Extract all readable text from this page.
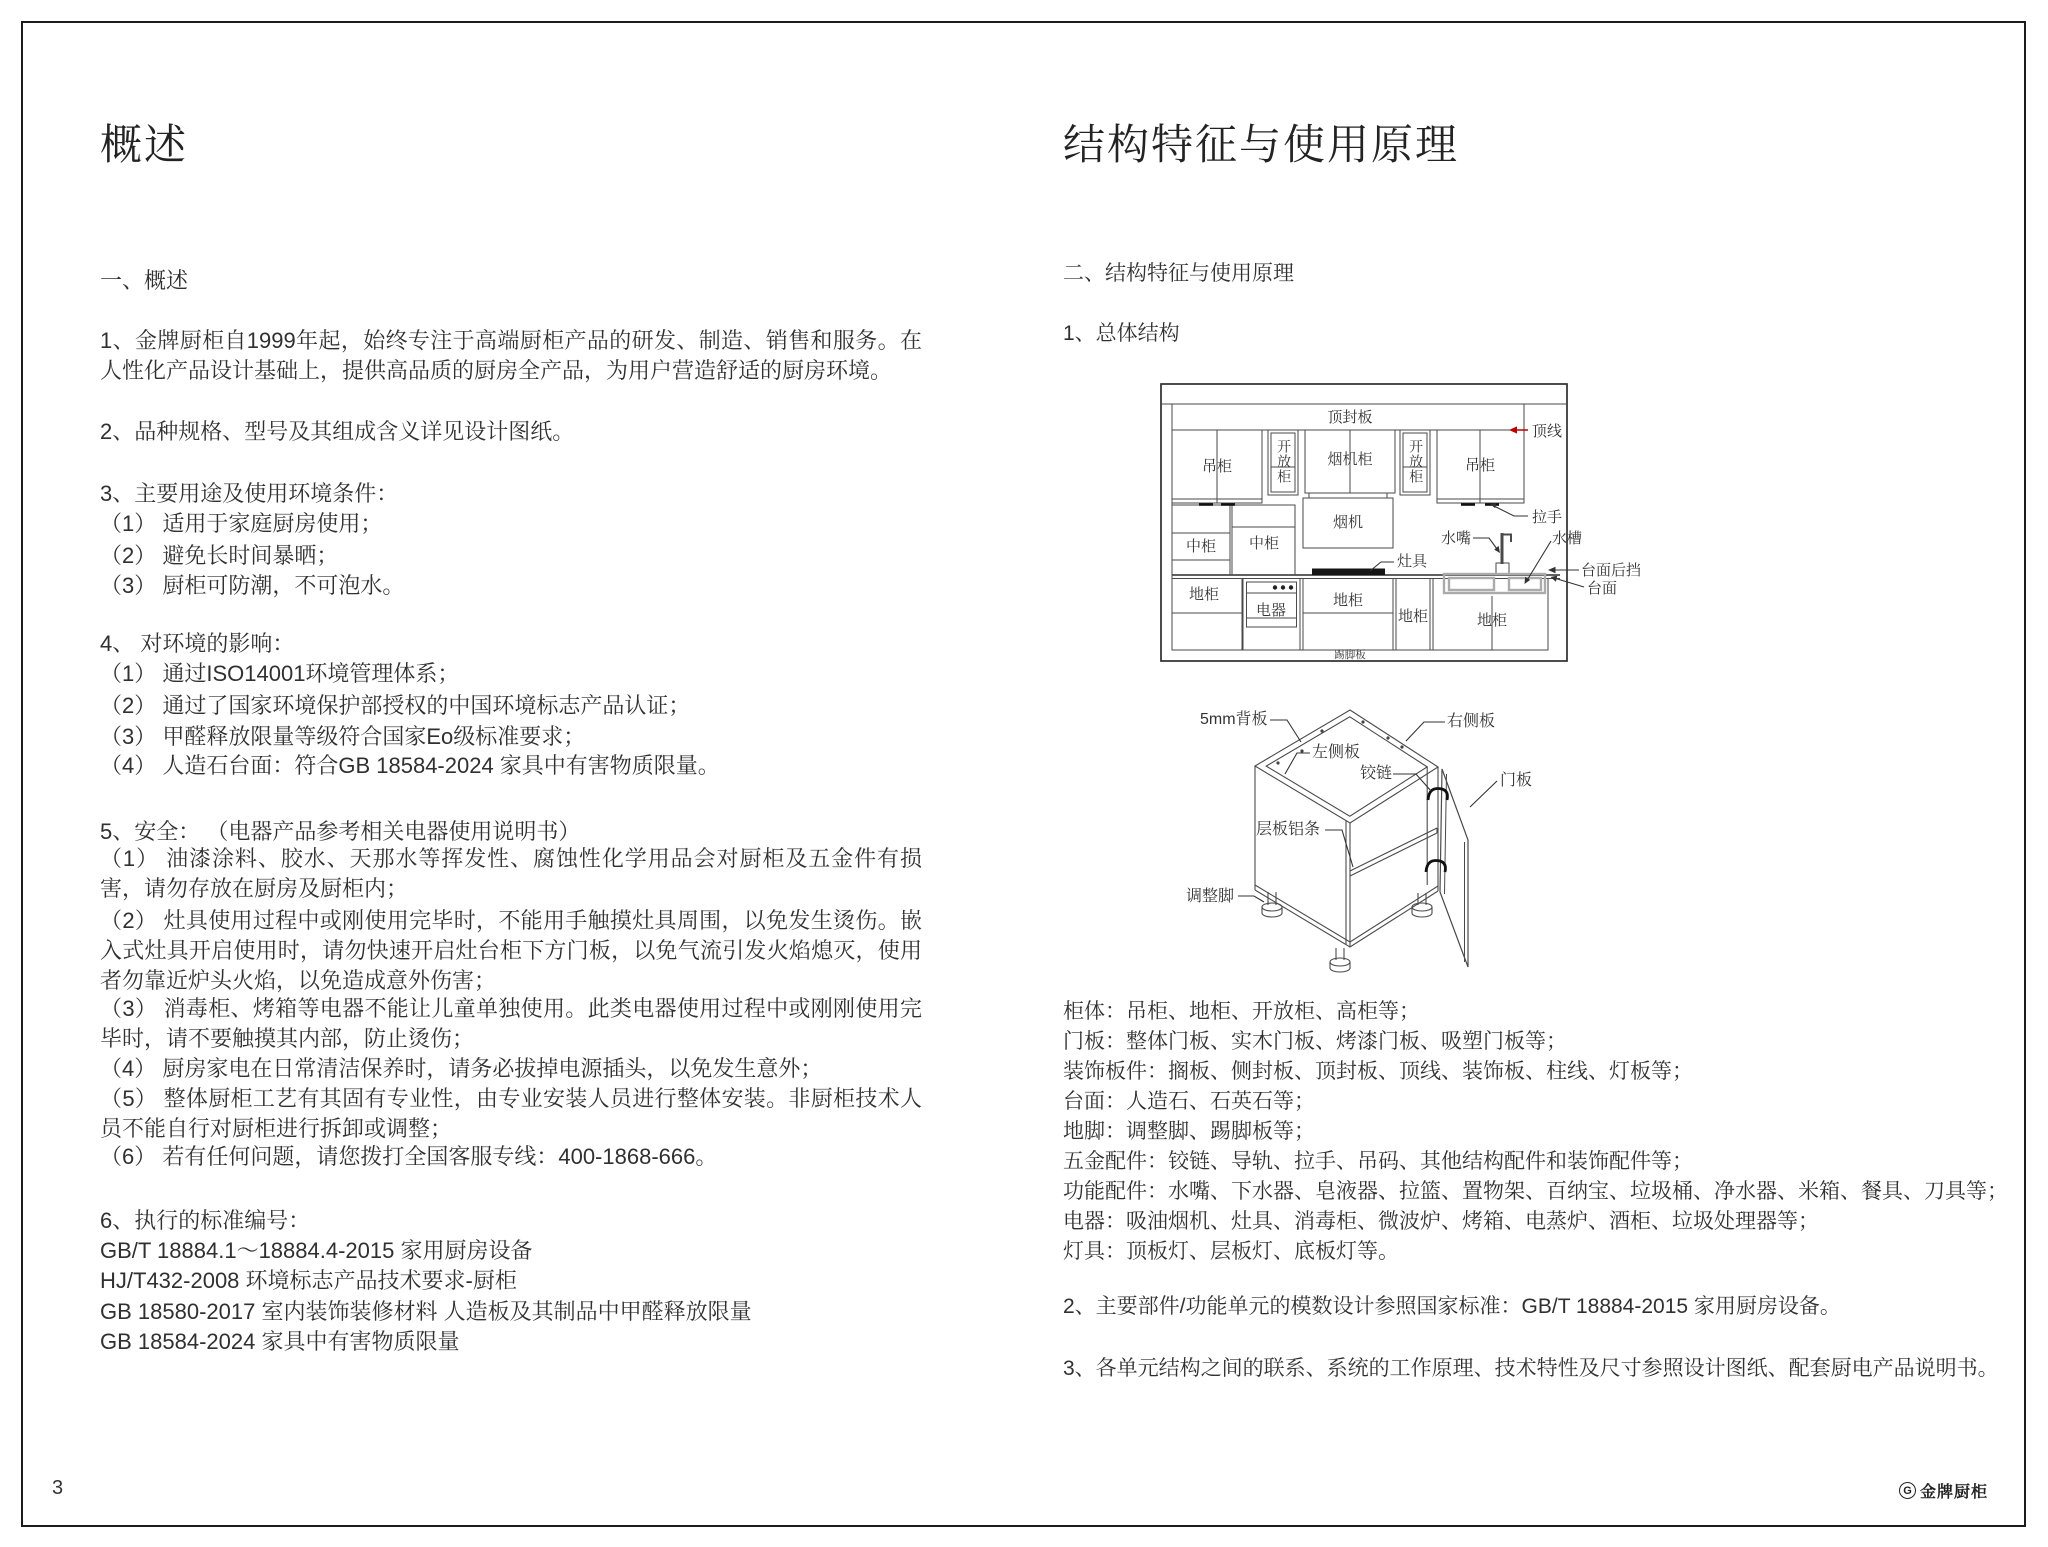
概述
一、概述
1、金牌厨柜自1999年起，始终专注于高端厨柜产品的研发、制造、销售和服务。在人性化产品设计基础上，提供高品质的厨房全产品，为用户营造舒适的厨房环境。
2、品种规格、型号及其组成含义详见设计图纸。
3、主要用途及使用环境条件：
（1） 适用于家庭厨房使用；
（2） 避免长时间暴晒；
（3） 厨柜可防潮，不可泡水。
4、 对环境的影响：
（1） 通过ISO14001环境管理体系；
（2） 通过了国家环境保护部授权的中国环境标志产品认证；
（3） 甲醛释放限量等级符合国家Eo级标准要求；
（4） 人造石台面：符合GB 18584-2024 家具中有害物质限量。
5、安全： （电器产品参考相关电器使用说明书）
（1） 油漆涂料、胶水、天那水等挥发性、腐蚀性化学用品会对厨柜及五金件有损害，请勿存放在厨房及厨柜内；
（2） 灶具使用过程中或刚使用完毕时，不能用手触摸灶具周围，以免发生烫伤。嵌入式灶具开启使用时，请勿快速开启灶台柜下方门板，以免气流引发火焰熄灭，使用者勿靠近炉头火焰，以免造成意外伤害；
（3） 消毒柜、烤箱等电器不能让儿童单独使用。此类电器使用过程中或刚刚使用完毕时，请不要触摸其内部，防止烫伤；
（4） 厨房家电在日常清洁保养时，请务必拔掉电源插头，以免发生意外；
（5） 整体厨柜工艺有其固有专业性，由专业安装人员进行整体安装。非厨柜技术人员不能自行对厨柜进行拆卸或调整；
（6） 若有任何问题，请您拨打全国客服专线：400-1868-666。
6、执行的标准编号：
GB/T 18884.1～18884.4-2015 家用厨房设备
HJ/T432-2008 环境标志产品技术要求-厨柜
GB 18580-2017 室内装饰装修材料 人造板及其制品中甲醛释放限量
GB 18584-2024 家具中有害物质限量
结构特征与使用原理
二、结构特征与使用原理
1、总体结构
顶封板
顶线
吊柜	开放柜	烟机柜	开放柜	吊柜
拉手
中柜	中柜
烟机
灶具
水嘴	水槽
台面后挡
台面
地柜
电器
地柜
地柜	地柜
踢脚板
5mm背板	右侧板
左侧板
铰链	门板
层板铝条
调整脚
柜体：吊柜、地柜、开放柜、高柜等；
门板：整体门板、实木门板、烤漆门板、吸塑门板等；
装饰板件：搁板、侧封板、顶封板、顶线、装饰板、柱线、灯板等；
台面：人造石、石英石等；
地脚：调整脚、踢脚板等；
五金配件：铰链、导轨、拉手、吊码、其他结构配件和装饰配件等；
功能配件：水嘴、下水器、皂液器、拉篮、置物架、百纳宝、垃圾桶、净水器、米箱、餐具、刀具等；
电器：吸油烟机、灶具、消毒柜、微波炉、烤箱、电蒸炉、酒柜、垃圾处理器等；
灯具：顶板灯、层板灯、底板灯等。
2、主要部件/功能单元的模数设计参照国家标准：GB/T 18884-2015 家用厨房设备。
3、各单元结构之间的联系、系统的工作原理、技术特性及尺寸参照设计图纸、配套厨电产品说明书。
3	G 金牌厨柜
